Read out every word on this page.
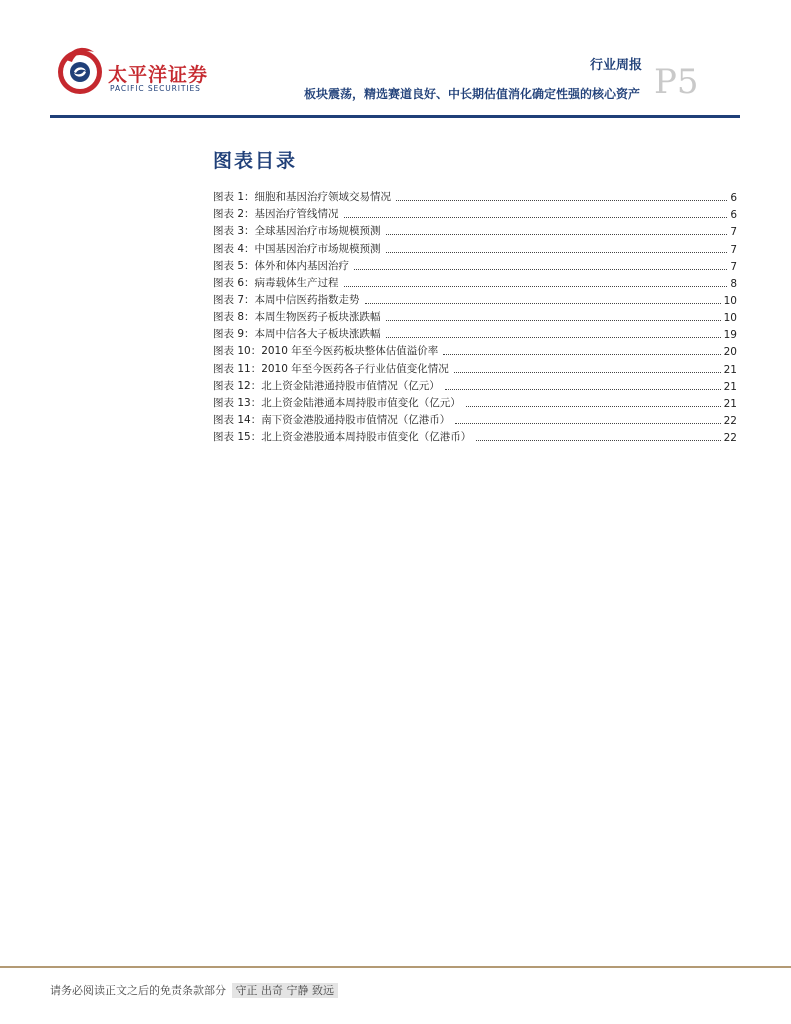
太平洋证券
PACIFIC SECURITIES
行业周报
板块震荡，精选赛道良好、中长期估值消化确定性强的核心资产 P5
图表目录
图表 1：细胞和基因治疗领域交易情况	6
图表 2：基因治疗管线情况	6
图表 3：全球基因治疗市场规模预测	7
图表 4：中国基因治疗市场规模预测	7
图表 5：体外和体内基因治疗	7
图表 6：病毒载体生产过程	8
图表 7：本周中信医药指数走势	10
图表 8：本周生物医药子板块涨跌幅	10
图表 9：本周中信各大子板块涨跌幅	19
图表 10：2010 年至今医药板块整体估值溢价率	20
图表 11：2010 年至今医药各子行业估值变化情况	21
图表 12：北上资金陆港通持股市值情况（亿元）	21
图表 13：北上资金陆港通本周持股市值变化（亿元）	21
图表 14：南下资金港股通持股市值情况（亿港币）	22
图表 15：北上资金港股通本周持股市值变化（亿港币）	22
请务必阅读正文之后的免责条款部分 守正 出奇 宁静 致远
